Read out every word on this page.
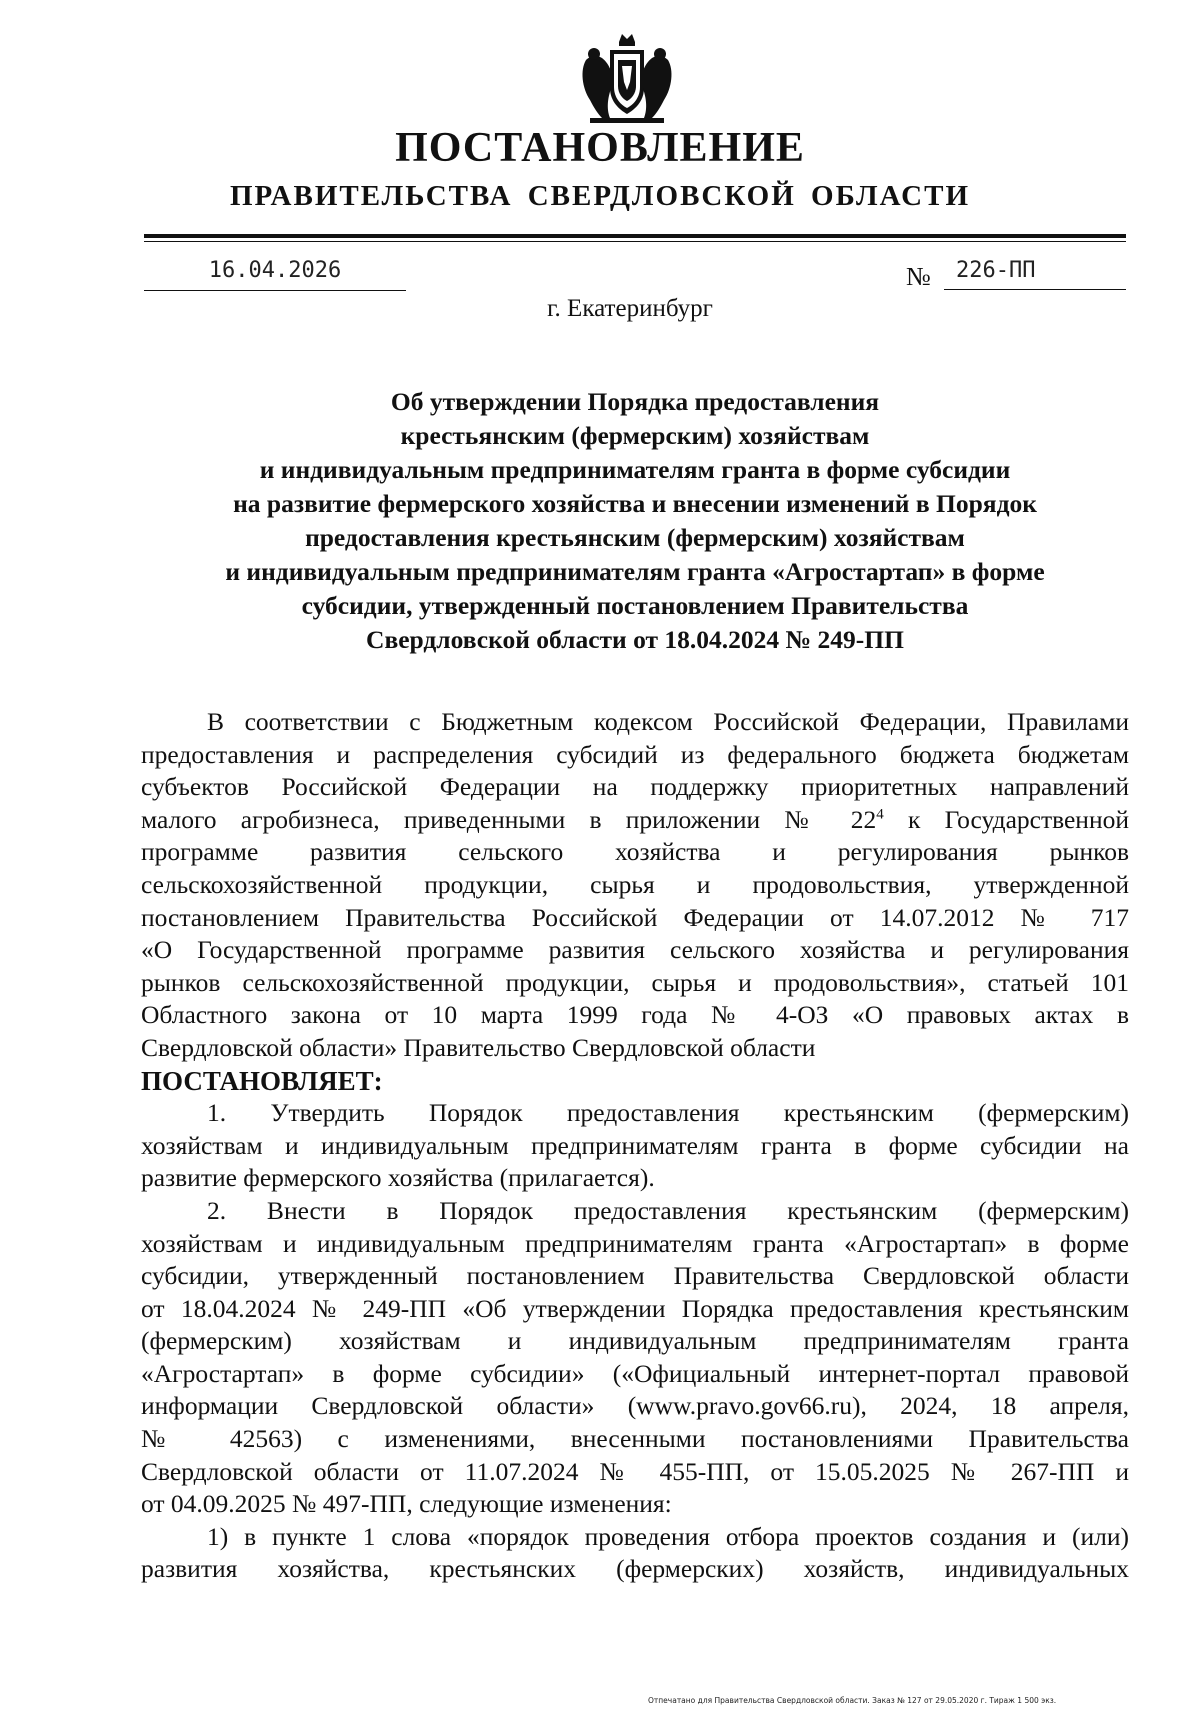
ПОСТАНОВЛЕНИЕ
ПРАВИТЕЛЬСТВА СВЕРДЛОВСКОЙ ОБЛАСТИ
16.04.2026	№	226-ПП
г. Екатеринбург
Об утверждении Порядка предоставления
крестьянским (фермерским) хозяйствам
и индивидуальным предпринимателям гранта в форме субсидии
на развитие фермерского хозяйства и внесении изменений в Порядок
предоставления крестьянским (фермерским) хозяйствам
и индивидуальным предпринимателям гранта «Агростартап» в форме
субсидии, утвержденный постановлением Правительства
Свердловской области от 18.04.2024 № 249-ПП
В соответствии с Бюджетным кодексом Российской Федерации, Правилами
предоставления и распределения субсидий из федерального бюджета бюджетам
субъектов Российской Федерации на поддержку приоритетных направлений
малого агробизнеса, приведенными в приложении № $22^4$ к Государственной
программе развития сельского хозяйства и регулирования рынков
сельскохозяйственной продукции, сырья и продовольствия, утвержденной
постановлением Правительства Российской Федерации от 14.07.2012 № 717
«О Государственной программе развития сельского хозяйства и регулирования
рынков сельскохозяйственной продукции, сырья и продовольствия», статьей 101
Областного закона от 10 марта 1999 года № 4-ОЗ «О правовых актах в
Свердловской области» Правительство Свердловской области
ПОСТАНОВЛЯЕТ:
1. Утвердить Порядок предоставления крестьянским (фермерским)
хозяйствам и индивидуальным предпринимателям гранта в форме субсидии на
развитие фермерского хозяйства (прилагается).
2. Внести в Порядок предоставления крестьянским (фермерским)
хозяйствам и индивидуальным предпринимателям гранта «Агростартап» в форме
субсидии, утвержденный постановлением Правительства Свердловской области
от 18.04.2024 № 249-ПП «Об утверждении Порядка предоставления крестьянским
(фермерским) хозяйствам и индивидуальным предпринимателям гранта
«Агростартап» в форме субсидии» («Официальный интернет-портал правовой
информации Свердловской области» (www.pravo.gov66.ru), 2024, 18 апреля,
№ 42563) с изменениями, внесенными постановлениями Правительства
Свердловской области от 11.07.2024 № 455-ПП, от 15.05.2025 № 267-ПП и
от 04.09.2025 № 497-ПП, следующие изменения:
1) в пункте 1 слова «порядок проведения отбора проектов создания и (или)
развития хозяйства, крестьянских (фермерских) хозяйств, индивидуальных
Отпечатано для Правительства Свердловской области. Заказ № 127 от 29.05.2020 г. Тираж 1 500 экз.
